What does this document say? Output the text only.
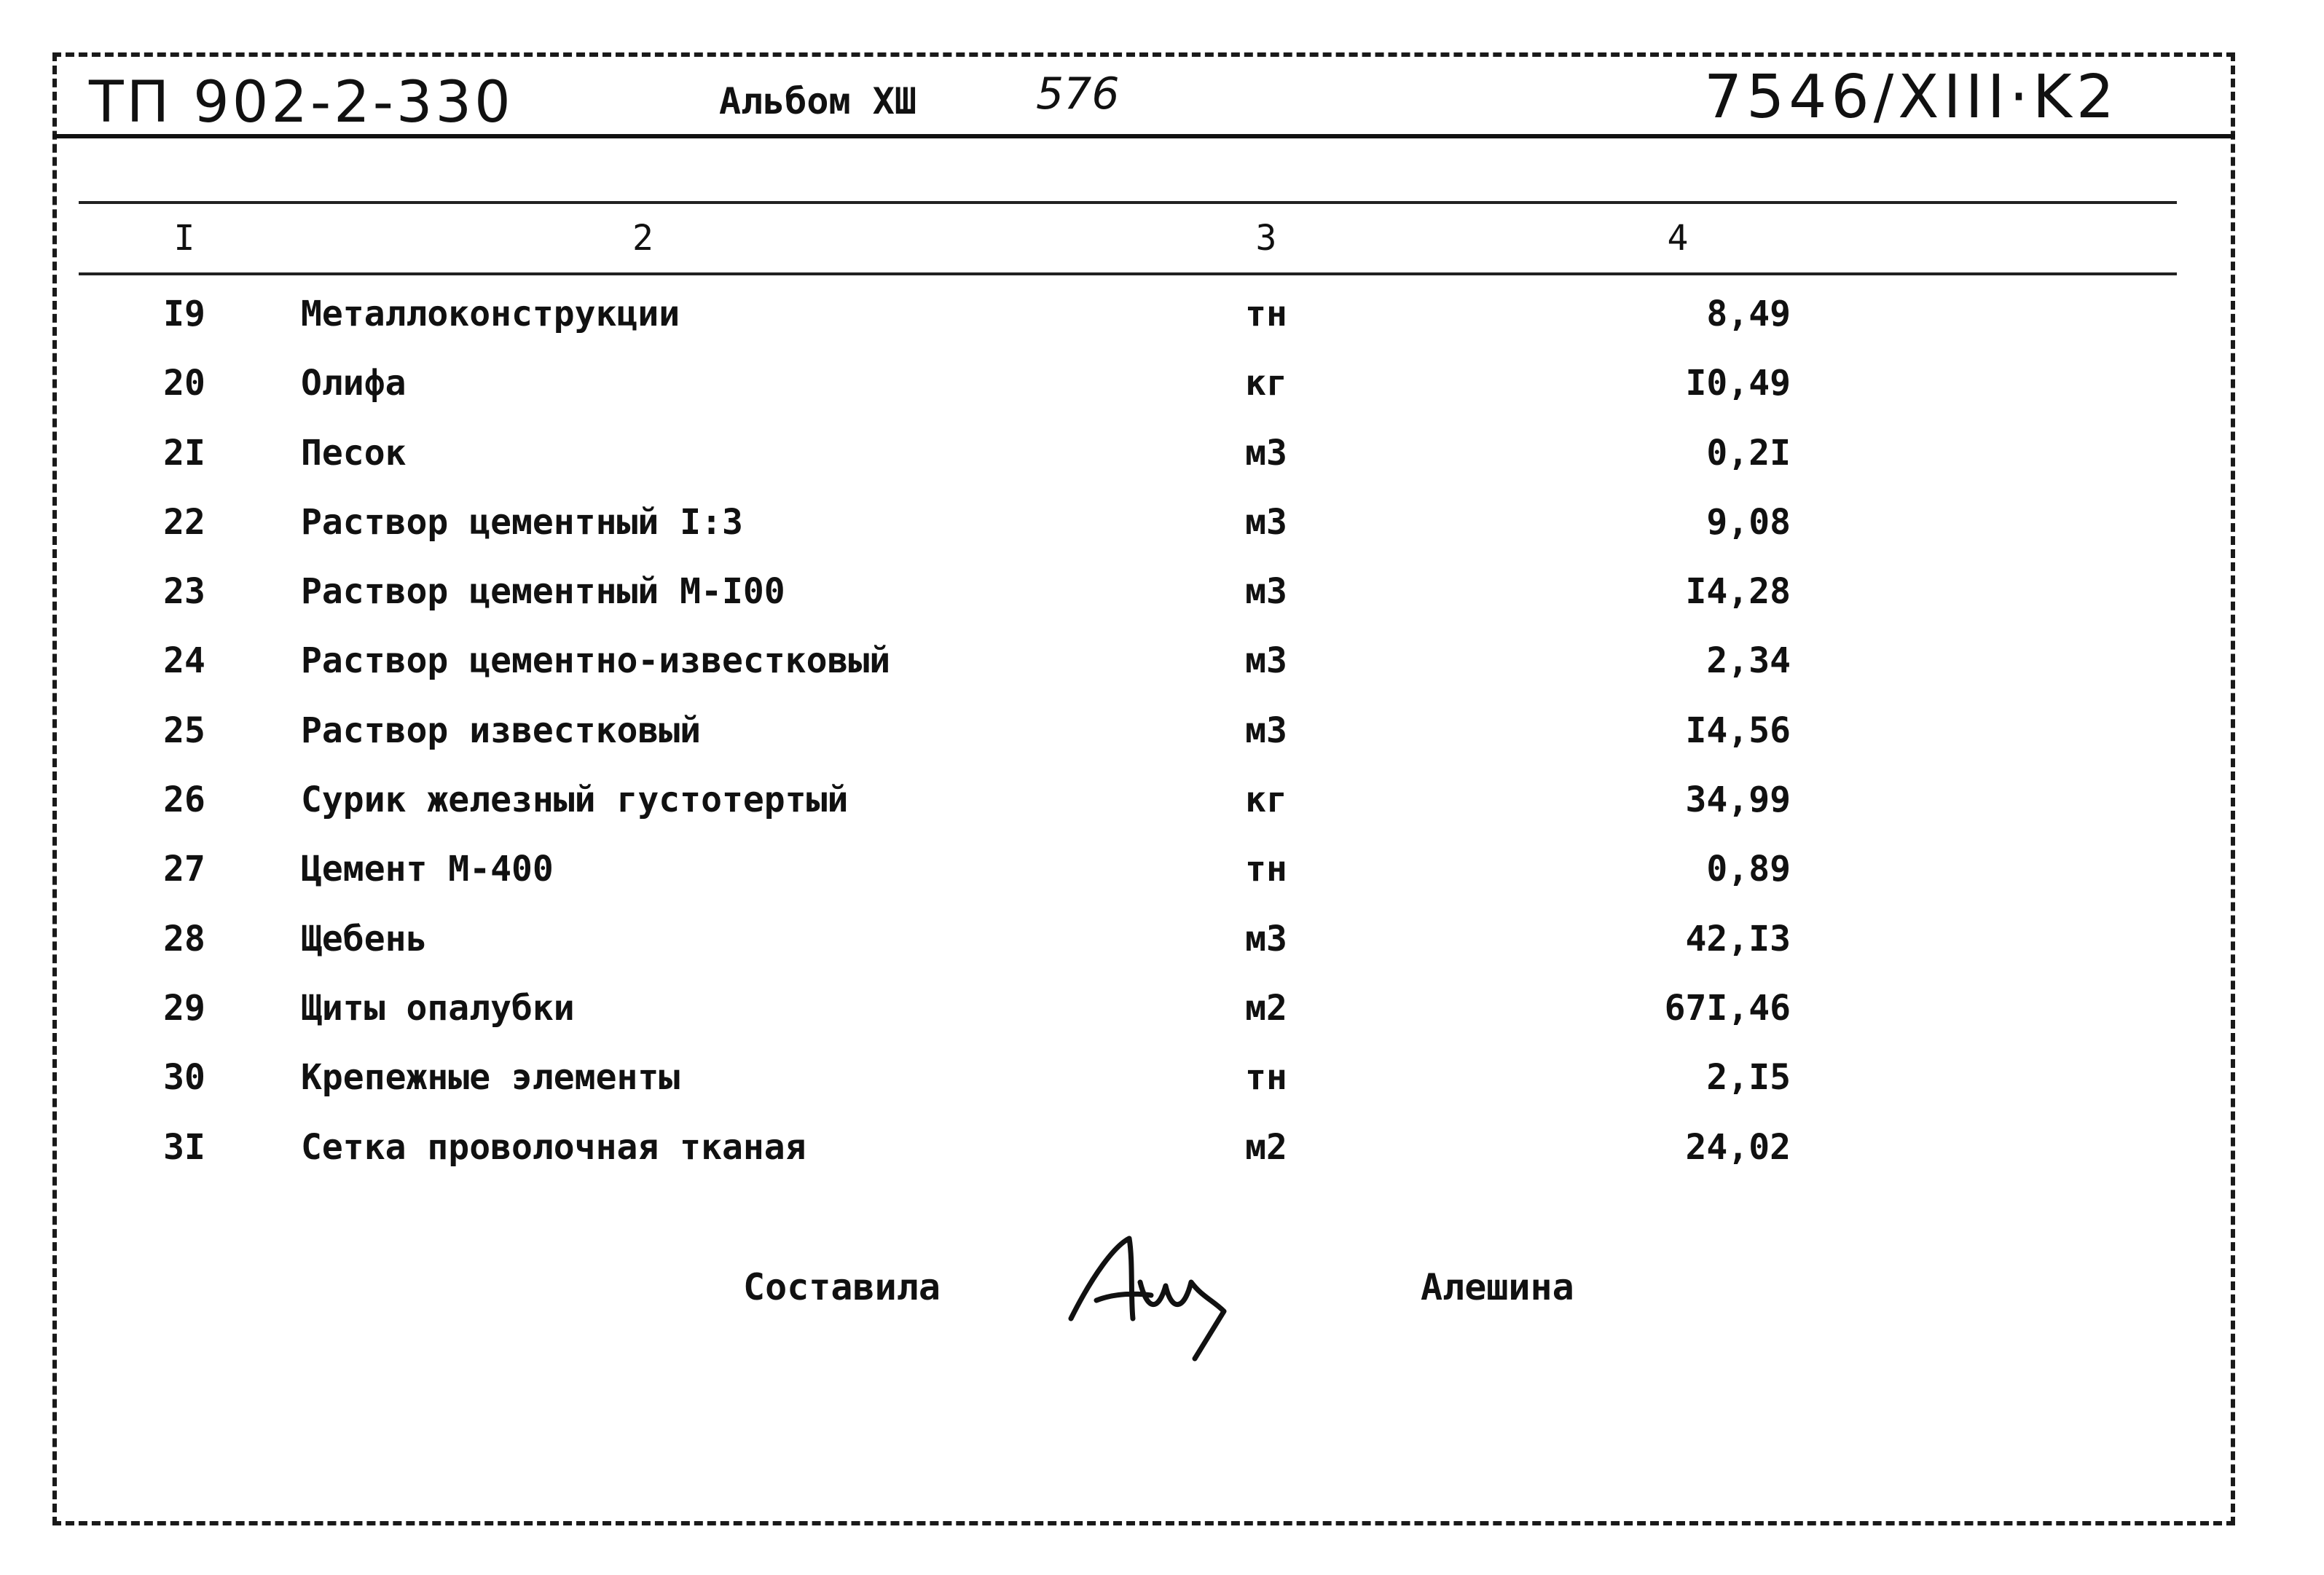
ТП 902-2-330	Альбом XШ	576	7546/XIII·K2
I	2	3	4
I9	Металлоконструкции	тн	8,49
20	Олифа	кг	I0,49
2I	Песок	м3	0,2I
22	Раствор цементный I:3	м3	9,08
23	Раствор цементный М-I00	м3	I4,28
24	Раствор цементно-известковый	м3	2,34
25	Раствор известковый	м3	I4,56
26	Сурик железный густотертый	кг	34,99
27	Цемент М-400	тн	0,89
28	Щебень	м3	42,I3
29	Щиты опалубки	м2	67I,46
30	Крепежные элементы	тн	2,I5
3I	Сетка проволочная тканая	м2	24,02
Составила	Алешина
